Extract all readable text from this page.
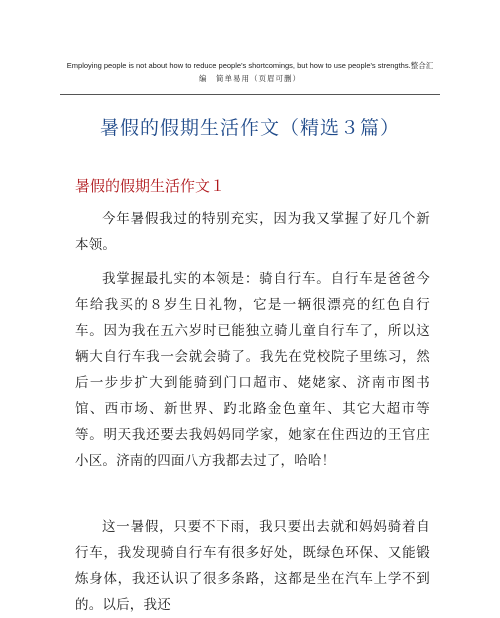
Employing people is not about how to reduce people's shortcomings, but how to use people's strengths.整合汇
编　简单易用（页眉可删）
暑假的假期生活作文（精选３篇）
暑假的假期生活作文１
今年暑假我过的特别充实，因为我又掌握了好几个新本领。
我掌握最扎实的本领是：骑自行车。自行车是爸爸今年给我买的８岁生日礼物，它是一辆很漂亮的红色自行车。因为我在五六岁时已能独立骑儿童自行车了，所以这辆大自行车我一会就会骑了。我先在党校院子里练习，然后一步步扩大到能骑到门口超市、姥姥家、济南市图书馆、西市场、新世界、趵北路金色童年、其它大超市等等。明天我还要去我妈妈同学家，她家在住西边的王官庄小区。济南的四面八方我都去过了，哈哈！
这一暑假，只要不下雨，我只要出去就和妈妈骑着自行车，我发现骑自行车有很多好处，既绿色环保、又能锻炼身体，我还认识了很多条路，这都是坐在汽车上学不到的。以后，我还
